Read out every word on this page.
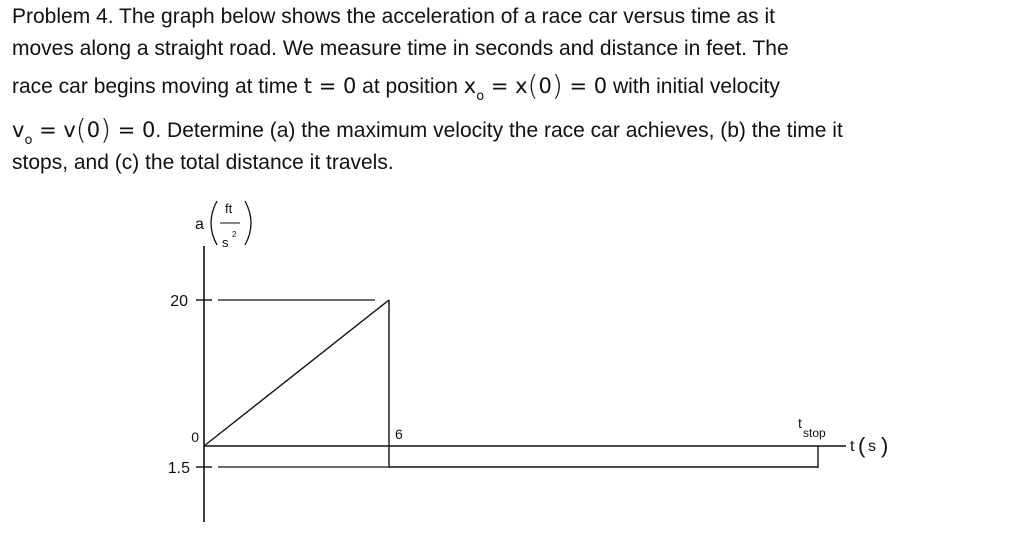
Problem 4. The graph below shows the acceleration of a race car versus time as it
moves along a straight road. We measure time in seconds and distance in feet. The
race car begins moving at time t = 0 at position $x_o = x(0) = 0$ with initial velocity
$v_o = v(0) = 0$. Determine (a) the maximum velocity the race car achieves, (b) the time it
stops, and (c) the total distance it travels.
a
ft
s
2
20
0
1.5
6
t
stop
t ( s )
